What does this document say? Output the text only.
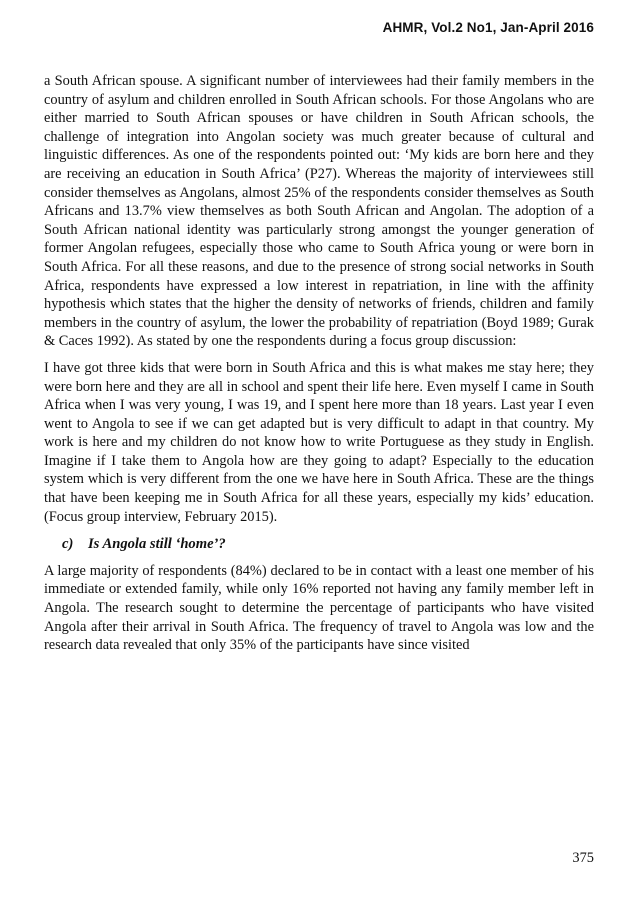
AHMR, Vol.2 No1, Jan-April 2016

a South African spouse. A significant number of interviewees had their family members in the country of asylum and children enrolled in South African schools. For those Angolans who are either married to South African spouses or have children in South African schools, the challenge of integration into Angolan society was much greater because of cultural and linguistic differences. As one of the respondents pointed out: ‘My kids are born here and they are receiving an education in South Africa’ (P27). Whereas the majority of interviewees still consider themselves as Angolans, almost 25% of the respondents consider themselves as South Africans and 13.7% view themselves as both South African and Angolan. The adoption of a South African national identity was particularly strong amongst the younger generation of former Angolan refugees, especially those who came to South Africa young or were born in South Africa. For all these reasons, and due to the presence of strong social networks in South Africa, respondents have expressed a low interest in repatriation, in line with the affinity hypothesis which states that the higher the density of networks of friends, children and family members in the country of asylum, the lower the probability of repatriation (Boyd 1989; Gurak & Caces 1992). As stated by one the respondents during a focus group discussion:

I have got three kids that were born in South Africa and this is what makes me stay here; they were born here and they are all in school and spent their life here. Even myself I came in South Africa when I was very young, I was 19, and I spent here more than 18 years. Last year I even went to Angola to see if we can get adapted but is very difficult to adapt in that country. My work is here and my children do not know how to write Portuguese as they study in English. Imagine if I take them to Angola how are they going to adapt? Especially to the education system which is very different from the one we have here in South Africa. These are the things that have been keeping me in South Africa for all these years, especially my kids’ education. (Focus group interview, February 2015).

c) Is Angola still ‘home’?

A large majority of respondents (84%) declared to be in contact with a least one member of his immediate or extended family, while only 16% reported not having any family member left in Angola. The research sought to determine the percentage of participants who have visited Angola after their arrival in South Africa. The frequency of travel to Angola was low and the research data revealed that only 35% of the participants have since visited

375
